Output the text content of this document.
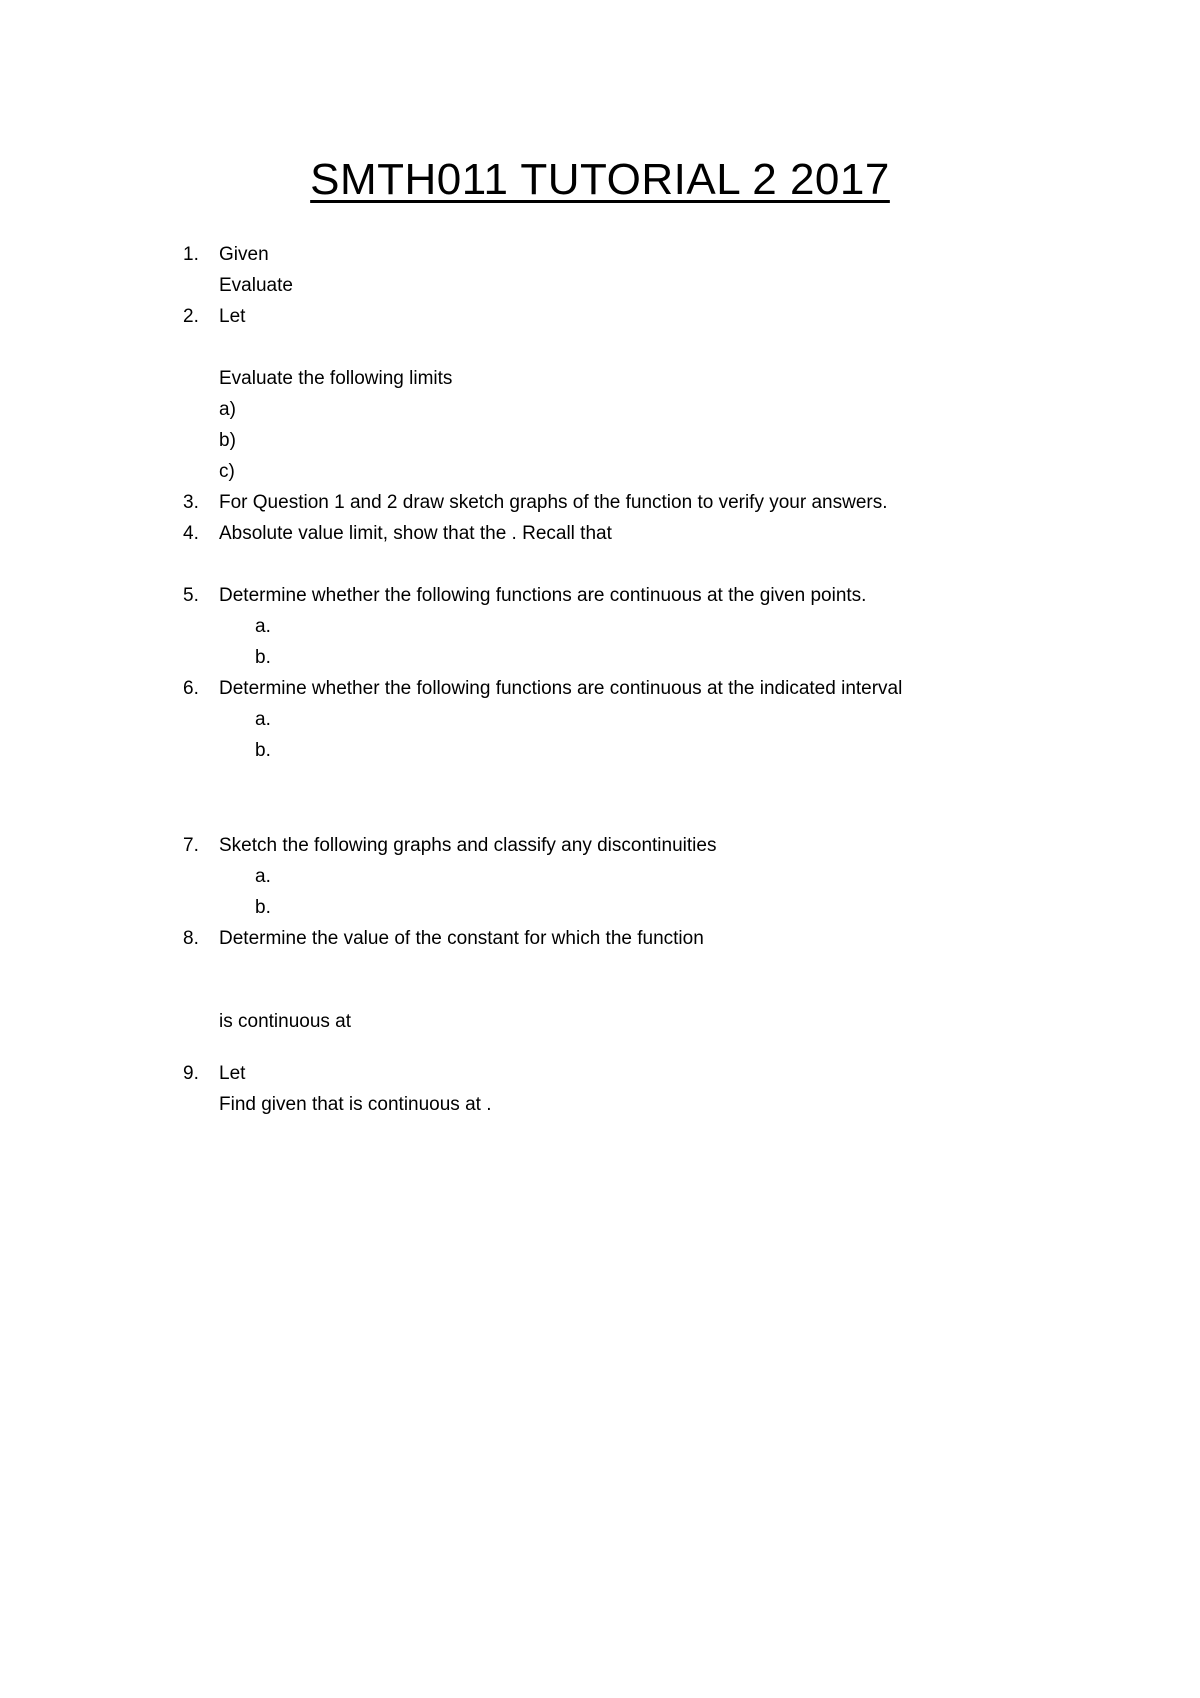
SMTH011 TUTORIAL 2 2017
1.	Given
Evaluate
2.	Let
Evaluate the following limits
a)
b)
c)
3.	For Question 1 and 2 draw sketch graphs of the function to verify your answers.
4.	Absolute value limit, show that the . Recall that
5.	Determine whether the following functions are continuous at the given points.
a.
b.
6.	Determine whether the following functions are continuous at the indicated interval
a.
b.
7.	Sketch the following graphs and classify any discontinuities
a.
b.
8.	Determine the value of the constant for which the function
is continuous at
9.	Let
Find given that is continuous at .
